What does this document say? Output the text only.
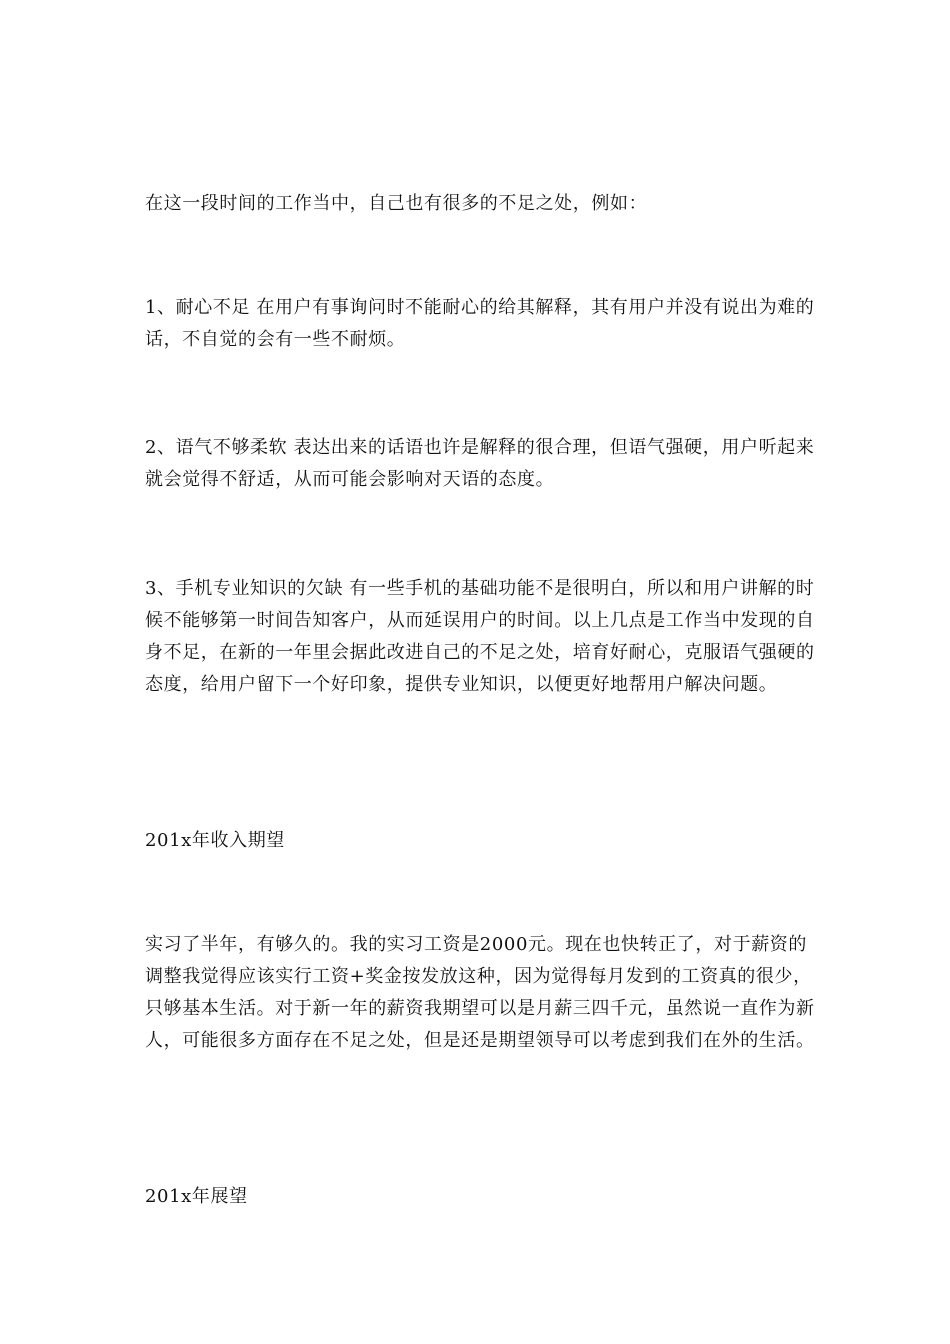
在这一段时间的工作当中，自己也有很多的不足之处，例如：
1、耐心不足 在用户有事询问时不能耐心的给其解释，其有用户并没有说出为难的话，不自觉的会有一些不耐烦。
2、语气不够柔软 表达出来的话语也许是解释的很合理，但语气强硬，用户听起来就会觉得不舒适，从而可能会影响对天语的态度。
3、手机专业知识的欠缺 有一些手机的基础功能不是很明白，所以和用户讲解的时候不能够第一时间告知客户，从而延误用户的时间。以上几点是工作当中发现的自身不足，在新的一年里会据此改进自己的不足之处，培育好耐心，克服语气强硬的态度，给用户留下一个好印象，提供专业知识，以便更好地帮用户解决问题。
201x年收入期望
实习了半年，有够久的。我的实习工资是2000元。现在也快转正了，对于薪资的调整我觉得应该实行工资+奖金按发放这种，因为觉得每月发到的工资真的很少，只够基本生活。对于新一年的薪资我期望可以是月薪三四千元，虽然说一直作为新人，可能很多方面存在不足之处，但是还是期望领导可以考虑到我们在外的生活。
201x年展望
